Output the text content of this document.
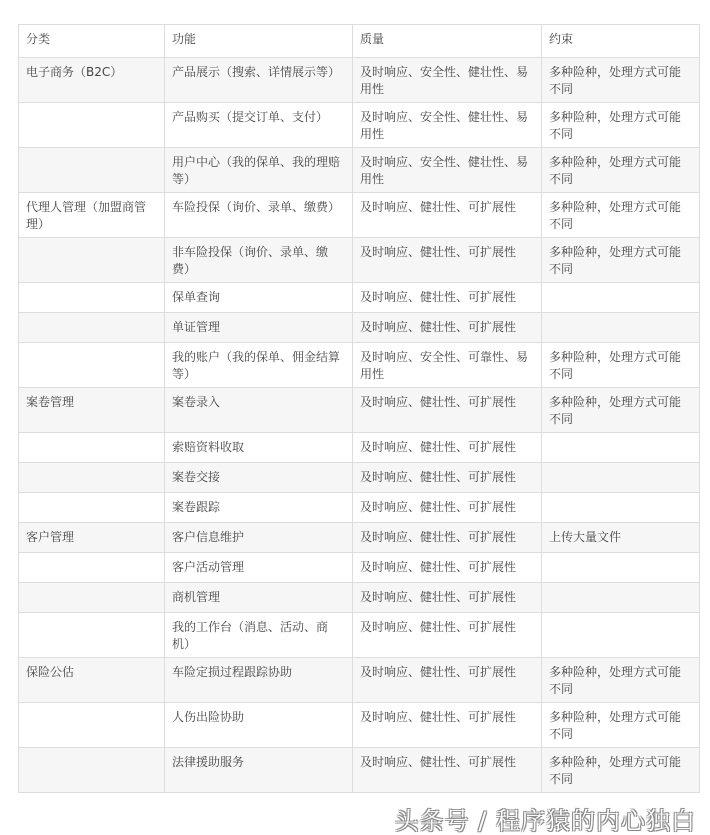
分类	功能	质量	约束
电子商务（B2C）	产品展示（搜索、详情展示等）	及时响应、安全性、健壮性、易用性	多种险种，处理方式可能不同
	产品购买（提交订单、支付）	及时响应、安全性、健壮性、易用性	多种险种，处理方式可能不同
	用户中心（我的保单、我的理赔等）	及时响应、安全性、健壮性、易用性	多种险种，处理方式可能不同
代理人管理（加盟商管理）	车险投保（询价、录单、缴费）	及时响应、健壮性、可扩展性	多种险种，处理方式可能不同
	非车险投保（询价、录单、缴费）	及时响应、健壮性、可扩展性	多种险种，处理方式可能不同
	保单查询	及时响应、健壮性、可扩展性	
	单证管理	及时响应、健壮性、可扩展性	
	我的账户（我的保单、佣金结算等）	及时响应、安全性、可靠性、易用性	多种险种，处理方式可能不同
案卷管理	案卷录入	及时响应、健壮性、可扩展性	多种险种，处理方式可能不同
	索赔资料收取	及时响应、健壮性、可扩展性	
	案卷交接	及时响应、健壮性、可扩展性	
	案卷跟踪	及时响应、健壮性、可扩展性	
客户管理	客户信息维护	及时响应、健壮性、可扩展性	上传大量文件
	客户活动管理	及时响应、健壮性、可扩展性	
	商机管理	及时响应、健壮性、可扩展性	
	我的工作台（消息、活动、商机）	及时响应、健壮性、可扩展性	
保险公估	车险定损过程跟踪协助	及时响应、健壮性、可扩展性	多种险种，处理方式可能不同
	人伤出险协助	及时响应、健壮性、可扩展性	多种险种，处理方式可能不同
	法律援助服务	及时响应、健壮性、可扩展性	多种险种，处理方式可能不同
头条号 / 程序猿的内心独白
